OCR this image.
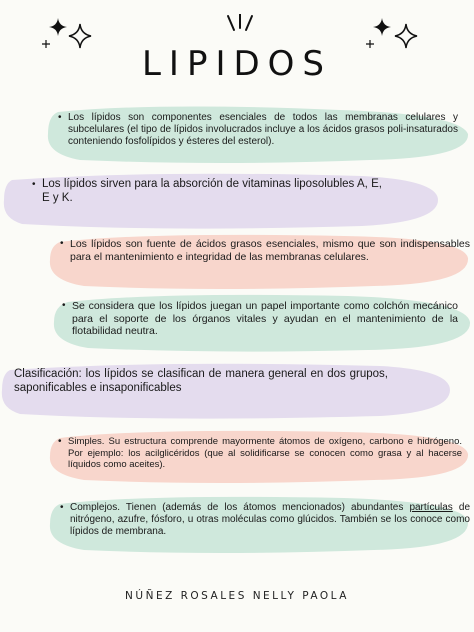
LIPIDOS
• Los lípidos son componentes esenciales de todos las membranas celulares y subcelulares (el tipo de lípidos involucrados incluye a los ácidos grasos poli-insaturados conteniendo fosfolípidos y ésteres del esterol).
• Los lípidos sirven para la absorción de vitaminas liposolubles A, E, E y K.
• Los lípidos son fuente de ácidos grasos esenciales, mismo que son indispensables para el mantenimiento e integridad de las membranas celulares.
• Se considera que los lípidos juegan un papel importante como colchón mecánico para el soporte de los órganos vitales y ayudan en el mantenimiento de la flotabilidad neutra.
Clasificación: los lípidos se clasifican de manera general en dos grupos, saponificables e insaponificables
• Simples. Su estructura comprende mayormente átomos de oxígeno, carbono e hidrógeno. Por ejemplo: los acilglicéridos (que al solidificarse se conocen como grasa y al hacerse líquidos como aceites).
• Complejos. Tienen (además de los átomos mencionados) abundantes partículas de nitrógeno, azufre, fósforo, u otras moléculas como glúcidos. También se los conoce como lípidos de membrana.
NÚÑEZ ROSALES NELLY PAOLA
